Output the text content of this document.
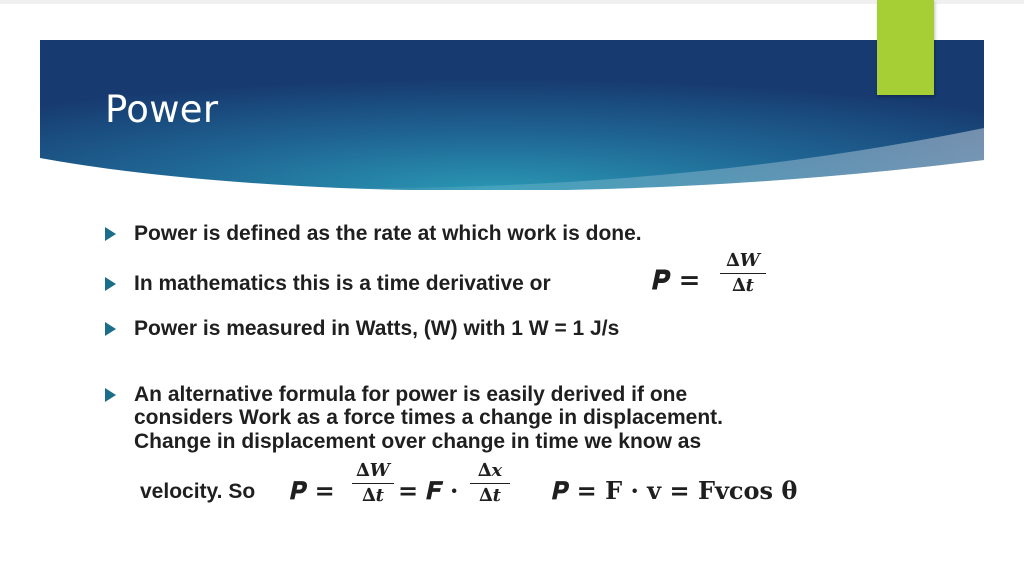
Power
Power is defined as the rate at which work is done.
In mathematics this is a time derivative or	𝑷 =
∆𝑾
∆𝒕
Power is measured in Watts, (W) with 1 W = 1 J/s
An alternative formula for power is easily derived if one
considers Work as a force times a change in displacement.
Change in displacement over change in time we know as
velocity. So 𝑷 =
∆𝑾
∆𝒕 = 𝑭 ·
∆𝒙
∆𝒕	𝑷 = F · v = Fvcos θ
